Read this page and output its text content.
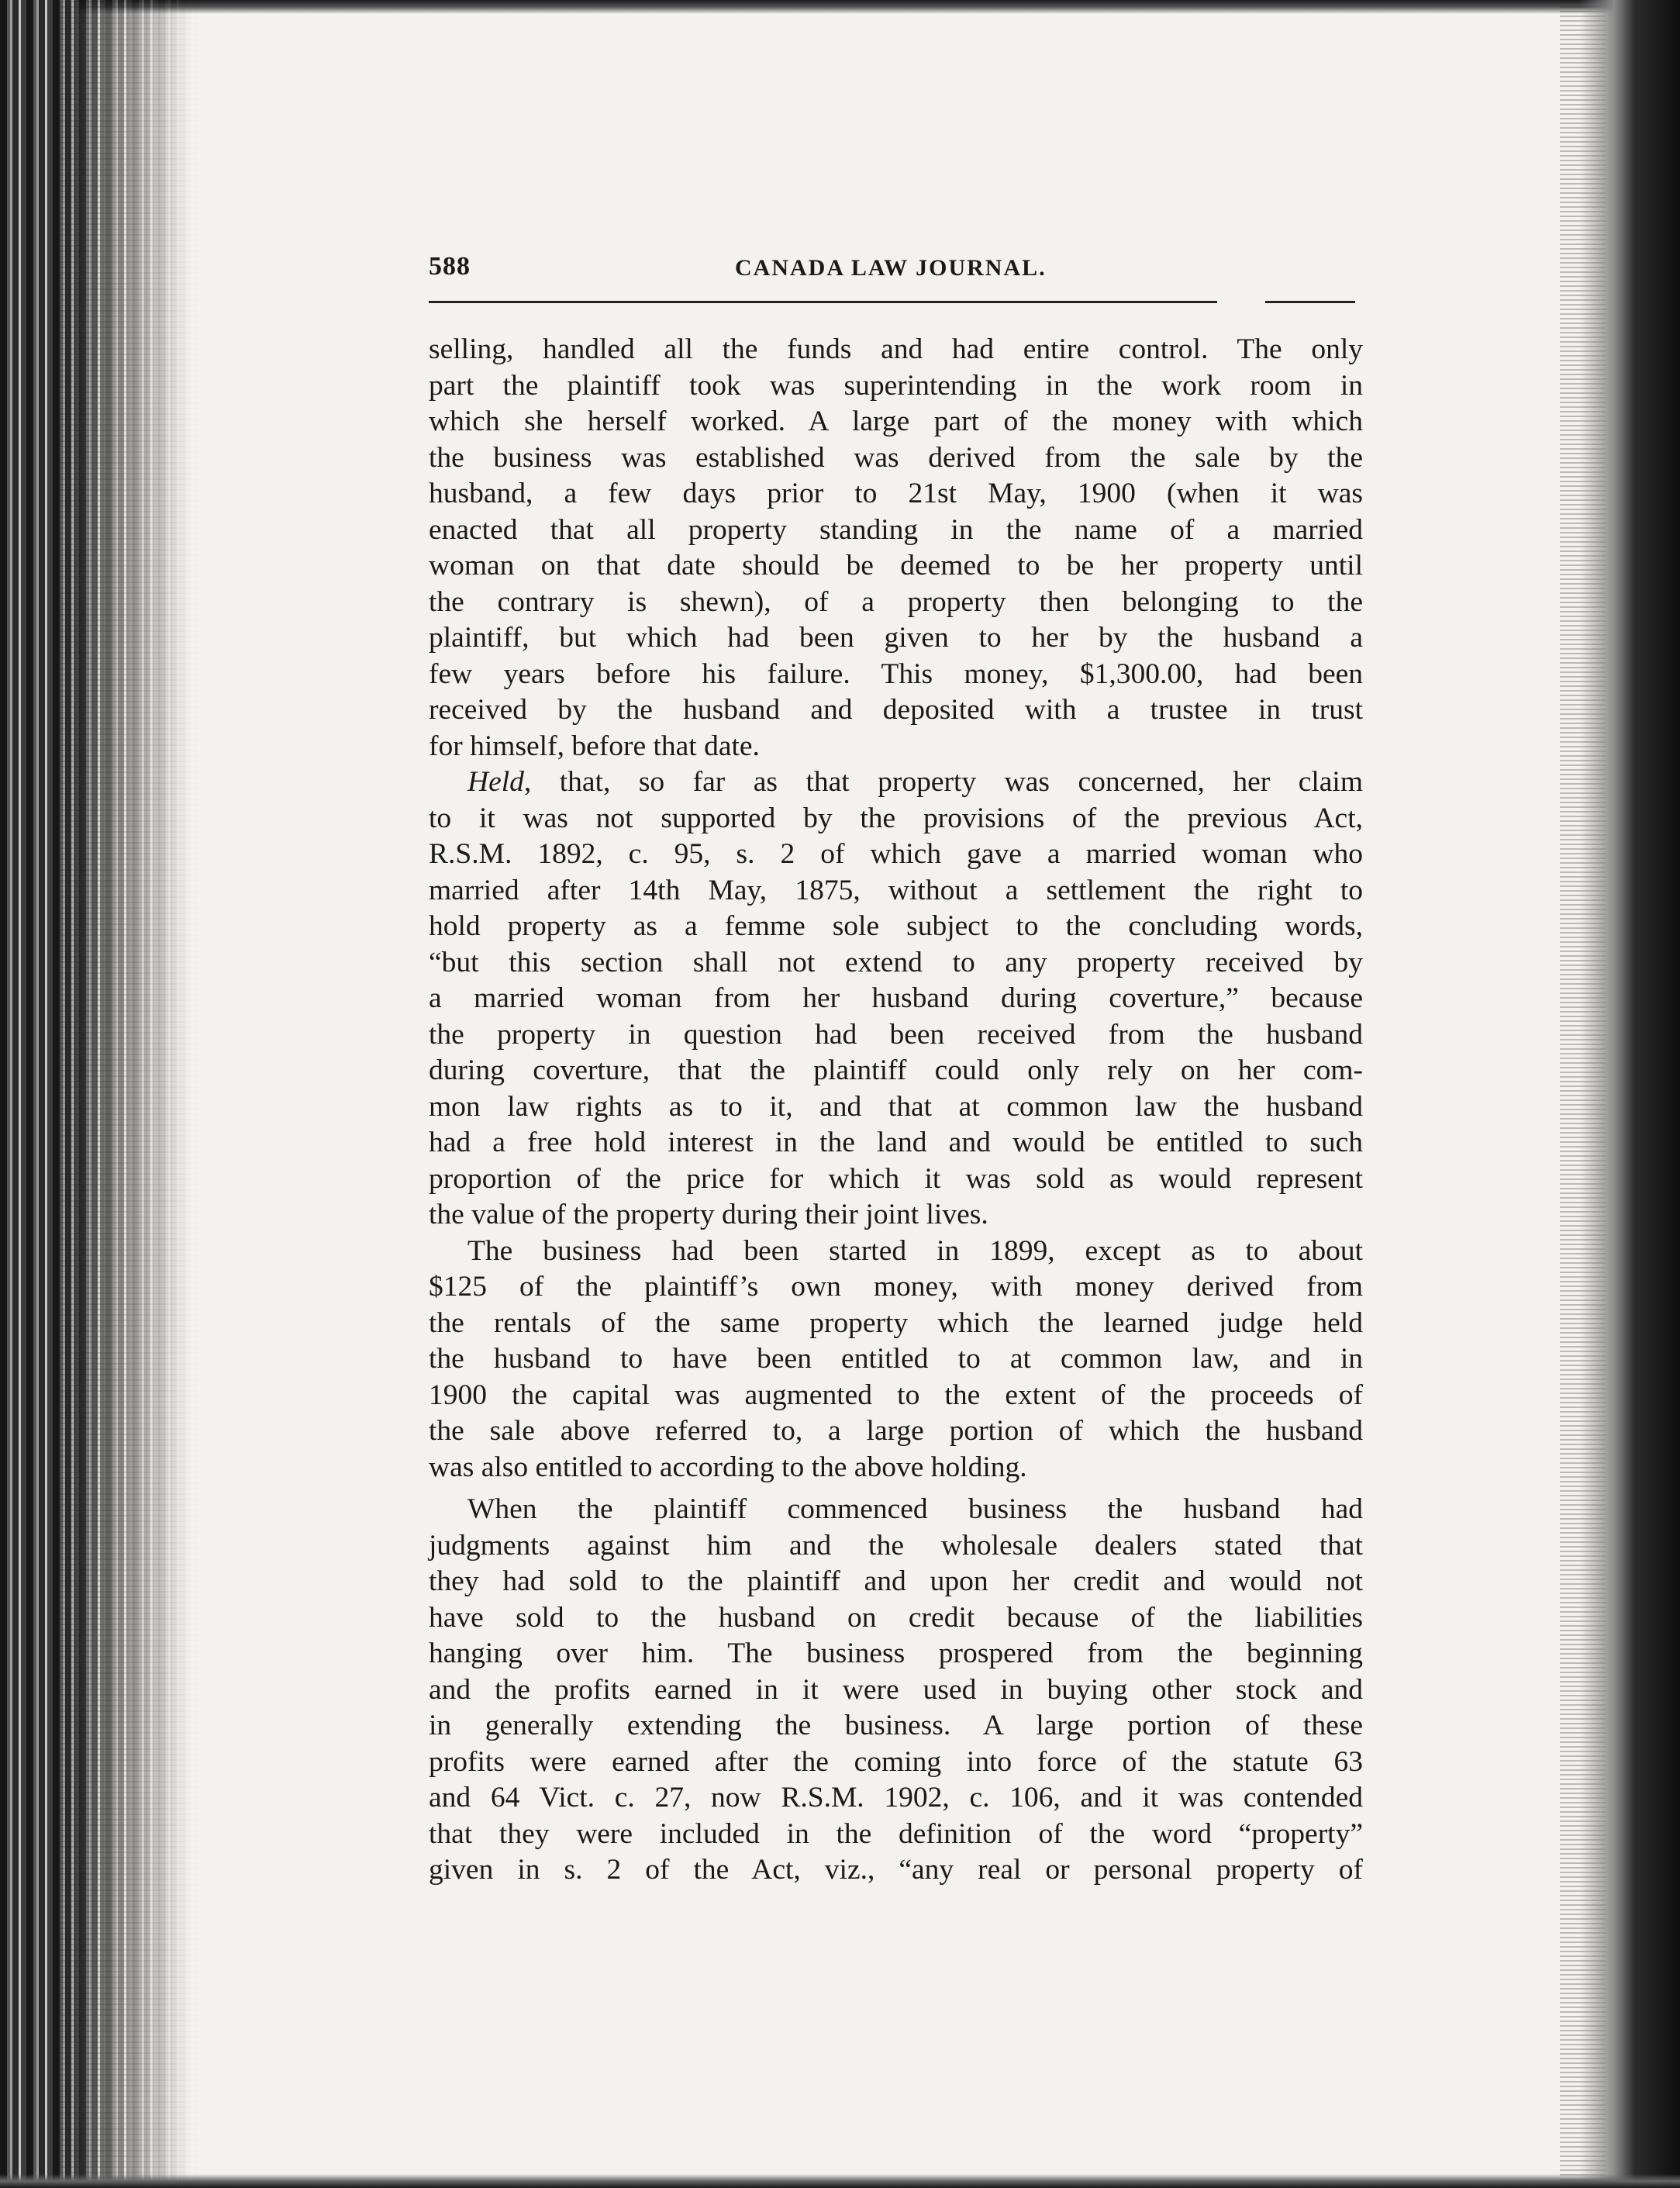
588	CANADA LAW JOURNAL.

selling, handled all the funds and had entire control. The only
part the plaintiff took was superintending in the work room in
which she herself worked. A large part of the money with which
the business was established was derived from the sale by the
husband, a few days prior to 21st May, 1900 (when it was
enacted that all property standing in the name of a married
woman on that date should be deemed to be her property until
the contrary is shewn), of a property then belonging to the
plaintiff, but which had been given to her by the husband a
few years before his failure. This money, $1,300.00, had been
received by the husband and deposited with a trustee in trust
for himself, before that date.

Held, that, so far as that property was concerned, her claim
to it was not supported by the provisions of the previous Act,
R.S.M. 1892, c. 95, s. 2 of which gave a married woman who
married after 14th May, 1875, without a settlement the right to
hold property as a femme sole subject to the concluding words,
“but this section shall not extend to any property received by
a married woman from her husband during coverture,” because
the property in question had been received from the husband
during coverture, that the plaintiff could only rely on her com-
mon law rights as to it, and that at common law the husband
had a free hold interest in the land and would be entitled to such
proportion of the price for which it was sold as would represent
the value of the property during their joint lives.

The business had been started in 1899, except as to about
$125 of the plaintiff’s own money, with money derived from
the rentals of the same property which the learned judge held
the husband to have been entitled to at common law, and in
1900 the capital was augmented to the extent of the proceeds of
the sale above referred to, a large portion of which the husband
was also entitled to according to the above holding.

When the plaintiff commenced business the husband had
judgments against him and the wholesale dealers stated that
they had sold to the plaintiff and upon her credit and would not
have sold to the husband on credit because of the liabilities
hanging over him. The business prospered from the beginning
and the profits earned in it were used in buying other stock and
in generally extending the business. A large portion of these
profits were earned after the coming into force of the statute 63
and 64 Vict. c. 27, now R.S.M. 1902, c. 106, and it was contended
that they were included in the definition of the word “property”
given in s. 2 of the Act, viz., “any real or personal property of
